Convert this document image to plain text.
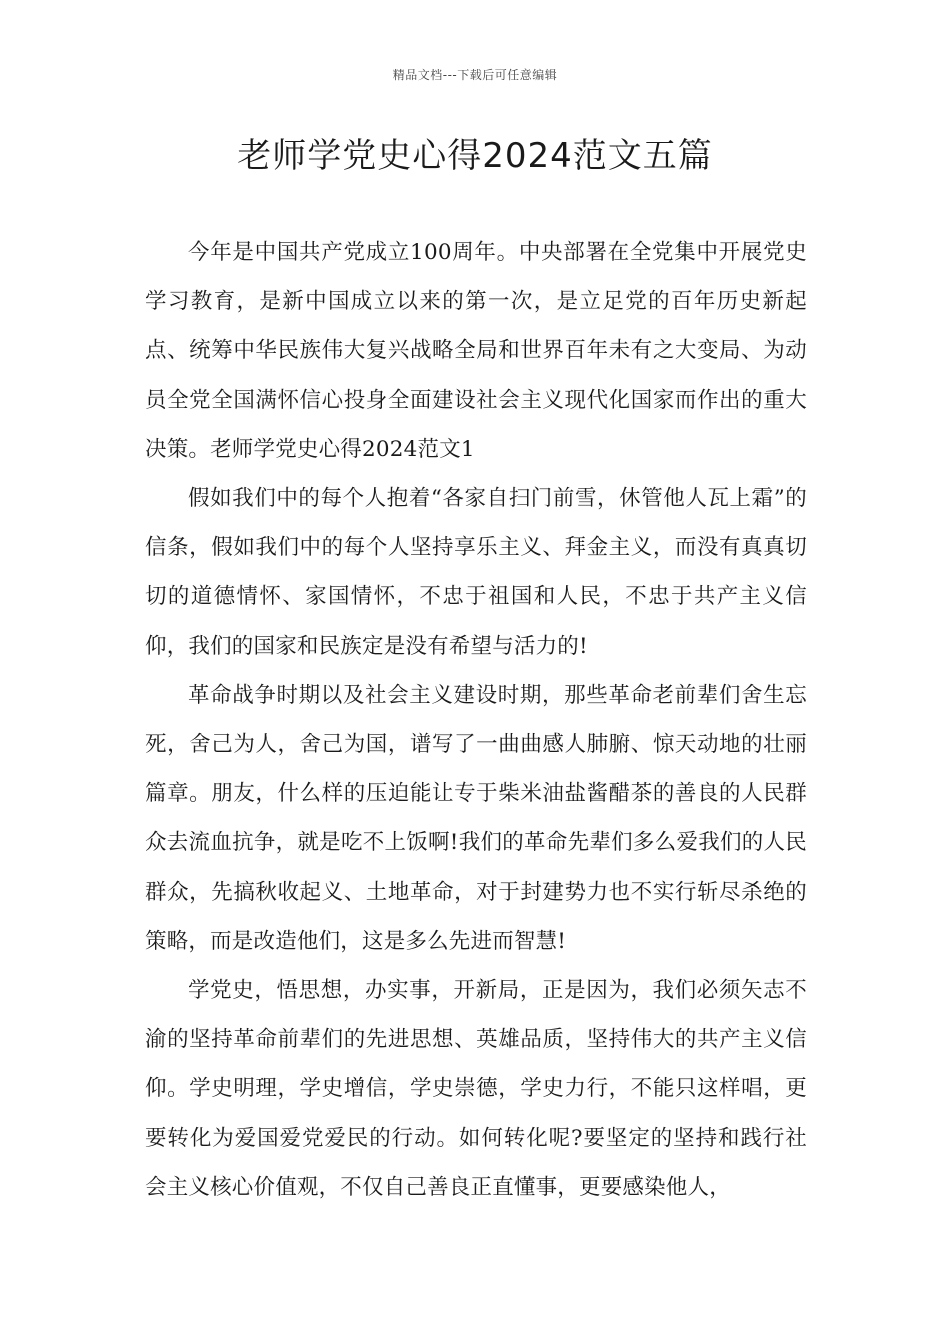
精品文档---下载后可任意编辑
老师学党史心得2024范文五篇

今年是中国共产党成立100周年。中央部署在全党集中开展党史学习教育，是新中国成立以来的第一次，是立足党的百年历史新起点、统筹中华民族伟大复兴战略全局和世界百年未有之大变局、为动员全党全国满怀信心投身全面建设社会主义现代化国家而作出的重大决策。老师学党史心得2024范文1

假如我们中的每个人抱着“各家自扫门前雪，休管他人瓦上霜”的信条，假如我们中的每个人坚持享乐主义、拜金主义，而没有真真切切的道德情怀、家国情怀，不忠于祖国和人民，不忠于共产主义信仰，我们的国家和民族定是没有希望与活力的!

革命战争时期以及社会主义建设时期，那些革命老前辈们舍生忘死，舍己为人，舍己为国，谱写了一曲曲感人肺腑、惊天动地的壮丽篇章。朋友，什么样的压迫能让专于柴米油盐酱醋茶的善良的人民群众去流血抗争，就是吃不上饭啊!我们的革命先辈们多么爱我们的人民群众，先搞秋收起义、土地革命，对于封建势力也不实行斩尽杀绝的策略，而是改造他们，这是多么先进而智慧!

学党史，悟思想，办实事，开新局，正是因为，我们必须矢志不渝的坚持革命前辈们的先进思想、英雄品质，坚持伟大的共产主义信仰。学史明理，学史增信，学史崇德，学史力行，不能只这样唱，更要转化为爱国爱党爱民的行动。如何转化呢?要坚定的坚持和践行社会主义核心价值观，不仅自己善良正直懂事，更要感染他人，
